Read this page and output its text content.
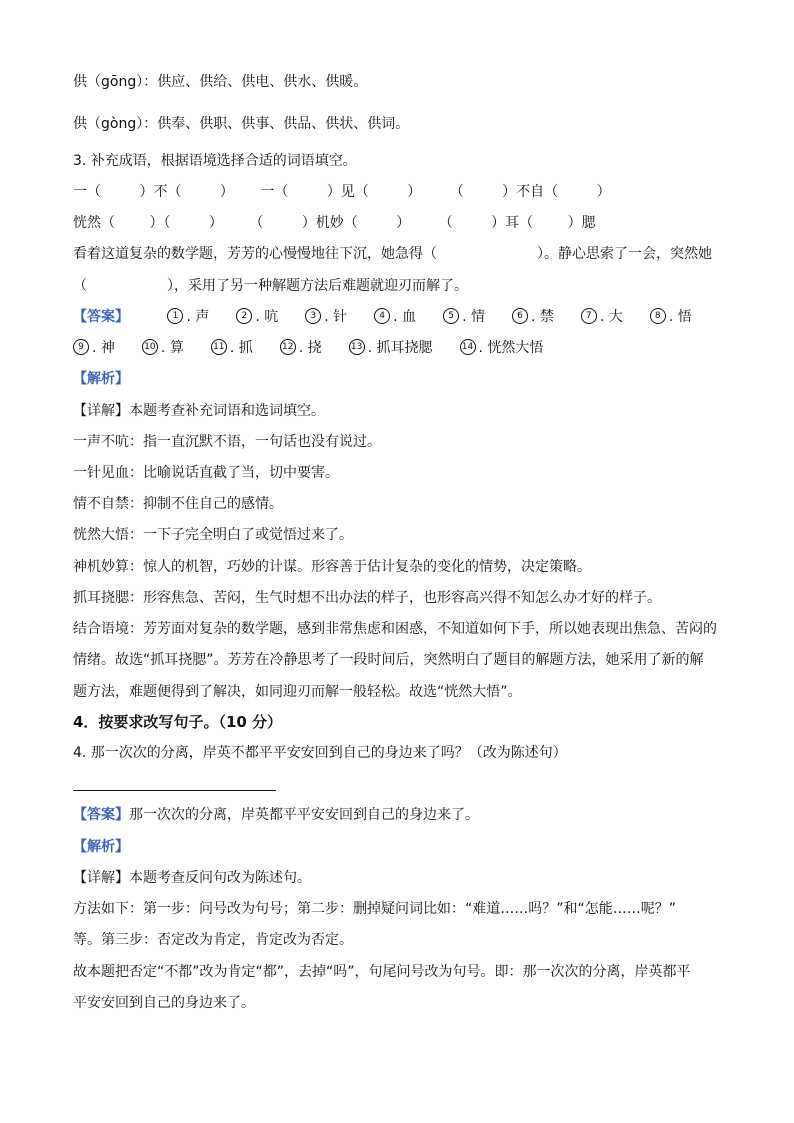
供（gōng）：供应、供给、供电、供水、供暖。
供（gòng）：供奉、供职、供事、供品、供状、供词。
3. 补充成语，根据语境选择合适的词语填空。
一（	）不（	） 一（	）见（	） （	）不自（	）
恍然（ ）（	） （	）机妙（	） （	）耳（ ）腮
看着这道复杂的数学题，芳芳的心慢慢地往下沉，她急得（	）。静心思索了一会，突然她
（	），采用了另一种解题方法后难题就迎刃而解了。
【答案】	1 . 声	2 . 吭	3 . 针	4 . 血	5 . 情	6 . 禁	7 . 大	8 . 悟
9 . 神	10 . 算	11 . 抓	12 . 挠	13 . 抓耳挠腮	14 . 恍然大悟
【解析】
【详解】本题考查补充词语和选词填空。
一声不吭：指一直沉默不语，一句话也没有说过。
一针见血：比喻说话直截了当，切中要害。
情不自禁：抑制不住自己的感情。
恍然大悟：一下子完全明白了或觉悟过来了。
神机妙算：惊人的机智，巧妙的计谋。形容善于估计复杂的变化的情势，决定策略。
抓耳挠腮：形容焦急、苦闷，生气时想不出办法的样子，也形容高兴得不知怎么办才好的样子。
结合语境：芳芳面对复杂的数学题，感到非常焦虑和困惑，不知道如何下手，所以她表现出焦急、苦闷的
情绪。故选“抓耳挠腮”。芳芳在冷静思考了一段时间后，突然明白了题目的解题方法，她采用了新的解
题方法，难题便得到了解决，如同迎刃而解一般轻松。故选“恍然大悟”。
4．按要求改写句子。（10 分）
4. 那一次次的分离，岸英不都平平安安回到自己的身边来了吗？（改为陈述句）
【答案】那一次次的分离，岸英都平平安安回到自己的身边来了。
【解析】
【详解】本题考查反问句改为陈述句。
方法如下：第一步：问号改为句号；第二步：删掉疑问词比如：“难道……吗？”和“怎能……呢？”
等。第三步：否定改为肯定，肯定改为否定。
故本题把否定“不都”改为肯定“都”，去掉“吗”，句尾问号改为句号。即：那一次次的分离，岸英都平
平安安回到自己的身边来了。
